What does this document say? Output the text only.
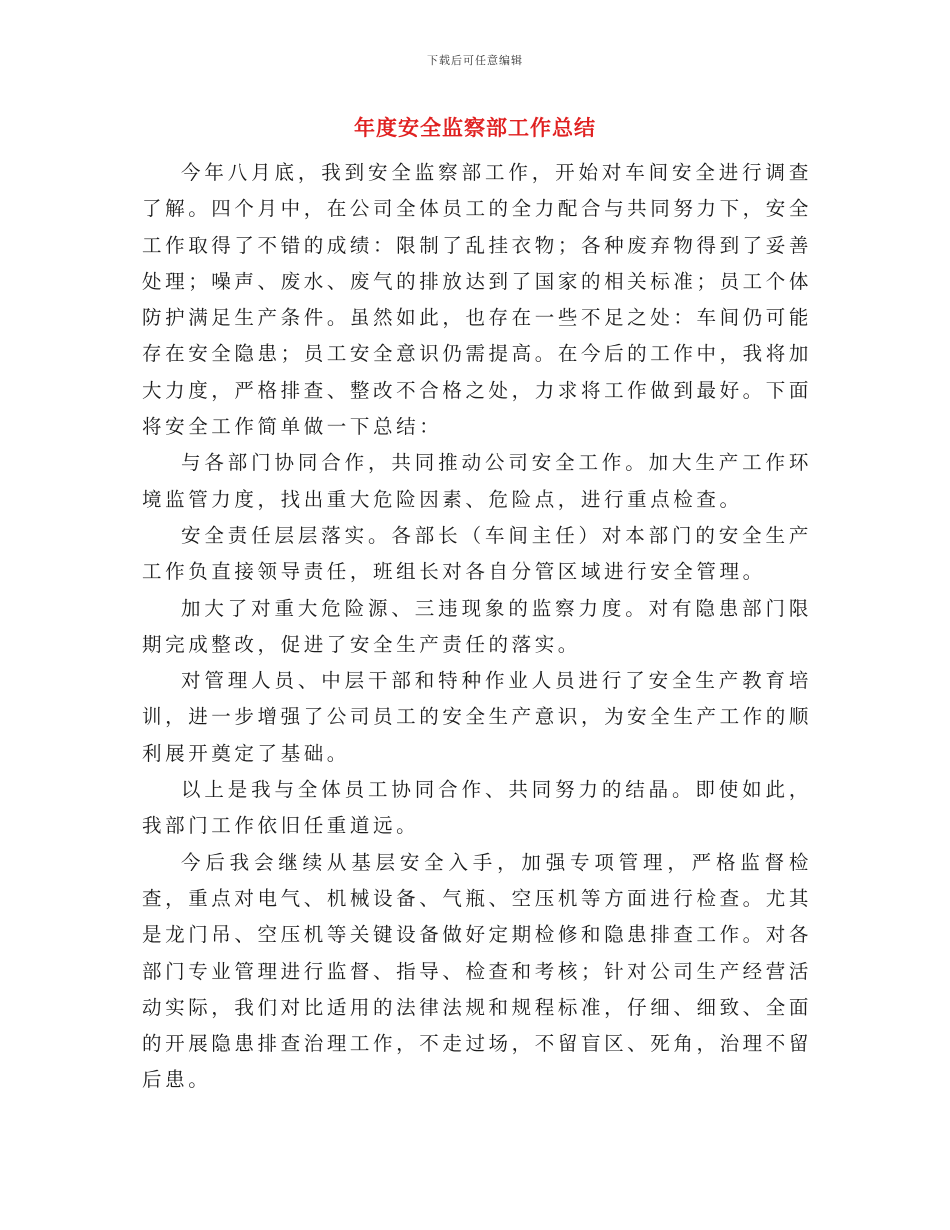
下载后可任意编辑
年度安全监察部工作总结

今年八月底，我到安全监察部工作，开始对车间安全进行调查了解。四个月中，在公司全体员工的全力配合与共同努力下，安全工作取得了不错的成绩：限制了乱挂衣物；各种废弃物得到了妥善处理；噪声、废水、废气的排放达到了国家的相关标准；员工个体防护满足生产条件。虽然如此，也存在一些不足之处：车间仍可能存在安全隐患；员工安全意识仍需提高。在今后的工作中，我将加大力度，严格排查、整改不合格之处，力求将工作做到最好。下面将安全工作简单做一下总结：

与各部门协同合作，共同推动公司安全工作。加大生产工作环境监管力度，找出重大危险因素、危险点，进行重点检查。

安全责任层层落实。各部长（车间主任）对本部门的安全生产工作负直接领导责任，班组长对各自分管区域进行安全管理。

加大了对重大危险源、三违现象的监察力度。对有隐患部门限期完成整改，促进了安全生产责任的落实。

对管理人员、中层干部和特种作业人员进行了安全生产教育培训，进一步增强了公司员工的安全生产意识，为安全生产工作的顺利展开奠定了基础。

以上是我与全体员工协同合作、共同努力的结晶。即使如此，我部门工作依旧任重道远。

今后我会继续从基层安全入手，加强专项管理，严格监督检查，重点对电气、机械设备、气瓶、空压机等方面进行检查。尤其是龙门吊、空压机等关键设备做好定期检修和隐患排查工作。对各部门专业管理进行监督、指导、检查和考核；针对公司生产经营活动实际，我们对比适用的法律法规和规程标准，仔细、细致、全面的开展隐患排查治理工作，不走过场，不留盲区、死角，治理不留后患。
